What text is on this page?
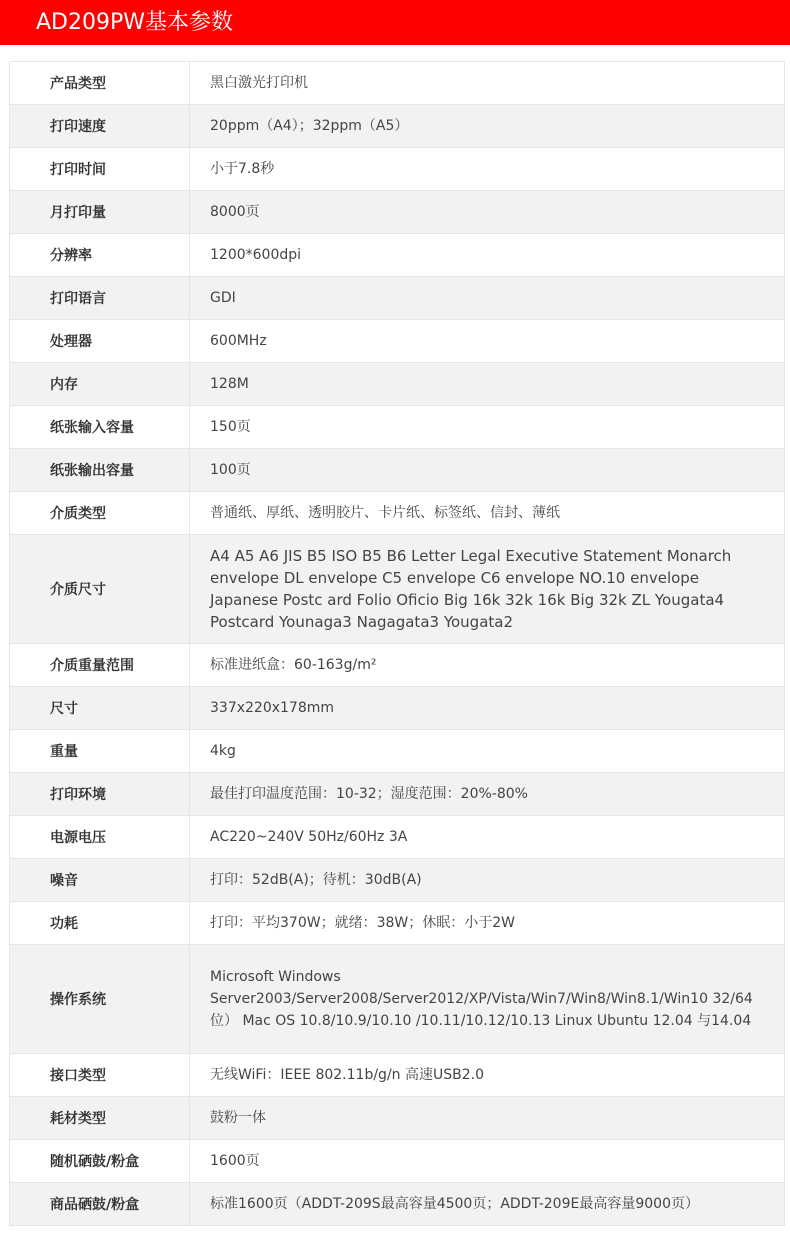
AD209PW基本参数
产品类型	黑白激光打印机
打印速度	20ppm（A4）；32ppm（A5）
打印时间	小于7.8秒
月打印量	8000页
分辨率	1200*600dpi
打印语言	GDI
处理器	600MHz
内存	128M
纸张输入容量	150页
纸张输出容量	100页
介质类型	普通纸、厚纸、透明胶片、卡片纸、标签纸、信封、薄纸
介质尺寸	A4 A5 A6 JIS B5 ISO B5 B6 Letter Legal Executive Statement Monarch envelope DL envelope C5 envelope C6 envelope NO.10 envelope Japanese Postc ard Folio Oficio Big 16k 32k 16k Big 32k ZL Yougata4 Postcard Younaga3 Nagagata3 Yougata2
介质重量范围	标准进纸盒：60-163g/m²
尺寸	337x220x178mm
重量	4kg
打印环境	最佳打印温度范围：10-32；湿度范围：20%-80%
电源电压	AC220~240V 50Hz/60Hz 3A
噪音	打印：52dB(A)；待机：30dB(A)
功耗	打印：平均370W；就绪：38W；休眠：小于2W
操作系统	Microsoft Windows Server2003/Server2008/Server2012/XP/Vista/Win7/Win8/Win8.1/Win10 32/64 位） Mac OS 10.8/10.9/10.10 /10.11/10.12/10.13 Linux Ubuntu 12.04 与14.04
接口类型	无线WiFi：IEEE 802.11b/g/n 高速USB2.0
耗材类型	鼓粉一体
随机硒鼓/粉盒	1600页
商品硒鼓/粉盒	标准1600页（ADDT-209S最高容量4500页；ADDT-209E最高容量9000页）
